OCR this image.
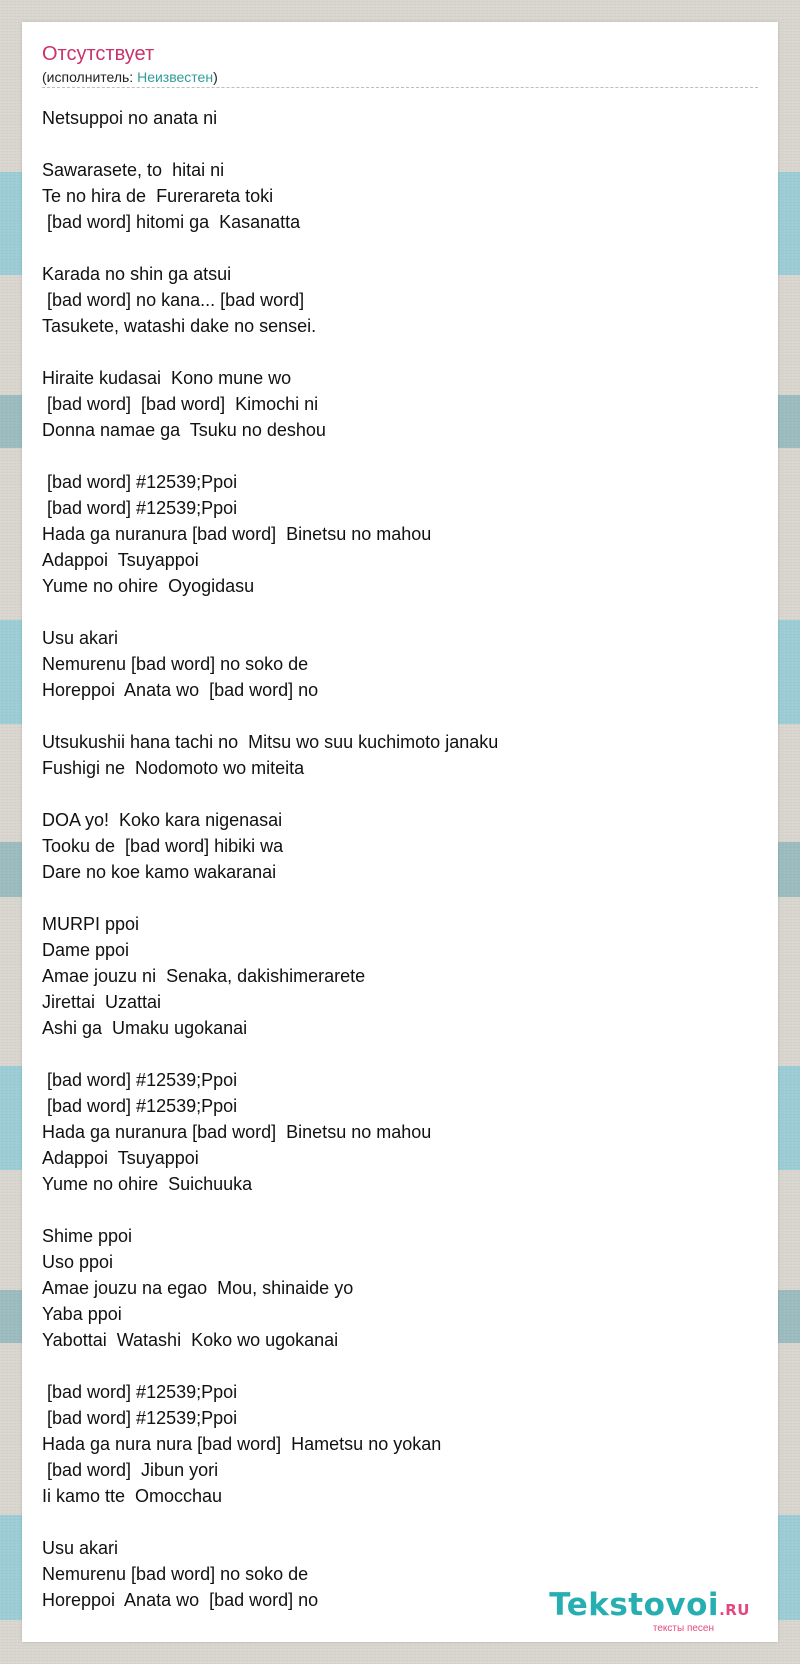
Отсутствует
(исполнитель: Неизвестен)
Netsuppoi no anata ni
Sawarasete, to  hitai ni
Te no hira de  Furerareta toki
[bad word] hitomi ga  Kasanatta
Karada no shin ga atsui
[bad word] no kana... [bad word]
Tasukete, watashi dake no sensei.
Hiraite kudasai  Kono mune wo
[bad word]  [bad word]  Kimochi ni
Donna namae ga  Tsuku no deshou
[bad word] #12539;Ppoi
[bad word] #12539;Ppoi
Hada ga nuranura [bad word]  Binetsu no mahou
Adappoi  Tsuyappoi
Yume no ohire  Oyogidasu
Usu akari
Nemurenu [bad word] no soko de
Horeppoi  Anata wo  [bad word] no
Utsukushii hana tachi no  Mitsu wo suu kuchimoto janaku
Fushigi ne  Nodomoto wo miteita
DOA yo!  Koko kara nigenasai
Tooku de  [bad word] hibiki wa
Dare no koe kamo wakaranai
MURPI ppoi
Dame ppoi
Amae jouzu ni  Senaka, dakishimerarete
Jirettai  Uzattai
Ashi ga  Umaku ugokanai
[bad word] #12539;Ppoi
[bad word] #12539;Ppoi
Hada ga nuranura [bad word]  Binetsu no mahou
Adappoi  Tsuyappoi
Yume no ohire  Suichuuka
Shime ppoi
Uso ppoi
Amae jouzu na egao  Mou, shinaide yo
Yaba ppoi
Yabottai  Watashi  Koko wo ugokanai
[bad word] #12539;Ppoi
[bad word] #12539;Ppoi
Hada ga nura nura [bad word]  Hametsu no yokan
[bad word]  Jibun yori
Ii kamo tte  Omocchau
Usu akari
Nemurenu [bad word] no soko de
Horeppoi  Anata wo  [bad word] no	Tekstovoi.RU
тексты песен
